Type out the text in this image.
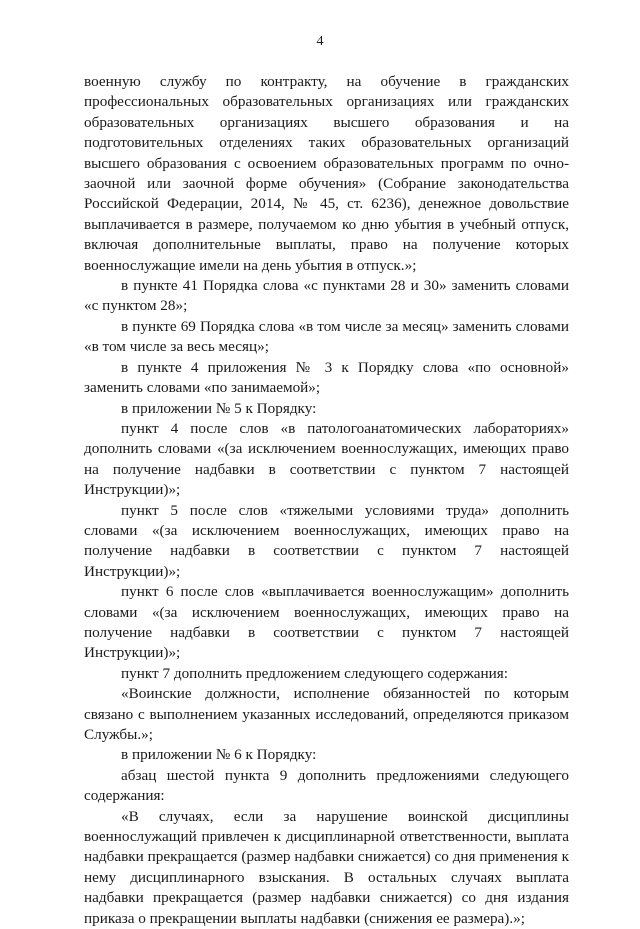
4

военную службу по контракту, на обучение в гражданских профессиональных образовательных организациях или гражданских образовательных организациях высшего образования и на подготовительных отделениях таких образовательных организаций высшего образования с освоением образовательных программ по очно-заочной или заочной форме обучения» (Собрание законодательства Российской Федерации, 2014, № 45, ст. 6236), денежное довольствие выплачивается в размере, получаемом ко дню убытия в учебный отпуск, включая дополнительные выплаты, право на получение которых военнослужащие имели на день убытия в отпуск.»;

в пункте 41 Порядка слова «с пунктами 28 и 30» заменить словами «с пунктом 28»;

в пункте 69 Порядка слова «в том числе за месяц» заменить словами «в том числе за весь месяц»;

в пункте 4 приложения № 3 к Порядку слова «по основной» заменить словами «по занимаемой»;

в приложении № 5 к Порядку:

пункт 4 после слов «в патологоанатомических лабораториях» дополнить словами «(за исключением военнослужащих, имеющих право на получение надбавки в соответствии с пунктом 7 настоящей Инструкции)»;

пункт 5 после слов «тяжелыми условиями труда» дополнить словами «(за исключением военнослужащих, имеющих право на получение надбавки в соответствии с пунктом 7 настоящей Инструкции)»;

пункт 6 после слов «выплачивается военнослужащим» дополнить словами «(за исключением военнослужащих, имеющих право на получение надбавки в соответствии с пунктом 7 настоящей Инструкции)»;

пункт 7 дополнить предложением следующего содержания:

«Воинские должности, исполнение обязанностей по которым связано с выполнением указанных исследований, определяются приказом Службы.»;

в приложении № 6 к Порядку:

абзац шестой пункта 9 дополнить предложениями следующего содержания:

«В случаях, если за нарушение воинской дисциплины военнослужащий привлечен к дисциплинарной ответственности, выплата надбавки прекращается (размер надбавки снижается) со дня применения к нему дисциплинарного взыскания. В остальных случаях выплата надбавки прекращается (размер надбавки снижается) со дня издания приказа о прекращении выплаты надбавки (снижения ее размера).»;
